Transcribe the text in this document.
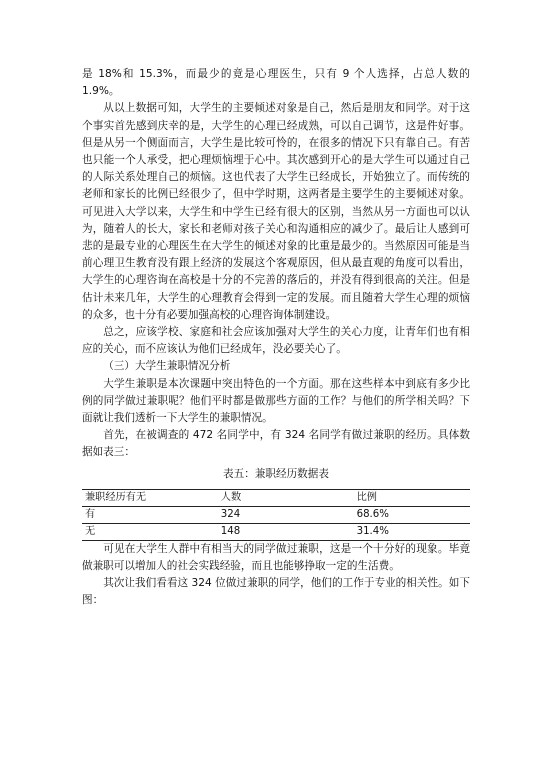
是 18%和 15.3%，而最少的竟是心理医生，只有 9 个人选择，占总人数的 1.9%。

从以上数据可知，大学生的主要倾述对象是自己，然后是朋友和同学。对于这个事实首先感到庆幸的是，大学生的心理已经成熟，可以自己调节，这是件好事。但是从另一个侧面而言，大学生是比较可怜的，在很多的情况下只有靠自己。有苦也只能一个人承受，把心理烦恼埋于心中。其次感到开心的是大学生可以通过自己的人际关系处理自己的烦恼。这也代表了大学生已经成长，开始独立了。而传统的老师和家长的比例已经很少了，但中学时期，这两者是主要学生的主要倾述对象。可见进入大学以来，大学生和中学生已经有很大的区别，当然从另一方面也可以认为，随着人的长大，家长和老师对孩子关心和沟通相应的减少了。最后让人感到可悲的是最专业的心理医生在大学生的倾述对象的比重是最少的。当然原因可能是当前心理卫生教育没有跟上经济的发展这个客观原因，但从最直观的角度可以看出，大学生的心理咨询在高校是十分的不完善的落后的，并没有得到很高的关注。但是估计未来几年，大学生的心理教育会得到一定的发展。而且随着大学生心理的烦恼的众多，也十分有必要加强高校的心理咨询体制建设。

总之，应该学校、家庭和社会应该加强对大学生的关心力度，让青年们也有相应的关心，而不应该认为他们已经成年，没必要关心了。

（三）大学生兼职情况分析

大学生兼职是本次课题中突出特色的一个方面。那在这些样本中到底有多少比例的同学做过兼职呢？他们平时都是做那些方面的工作？与他们的所学相关吗？下面就让我们透析一下大学生的兼职情况。

首先，在被调查的 472 名同学中，有 324 名同学有做过兼职的经历。具体数据如表三：

表五：兼职经历数据表
兼职经历有无	人数	比例
有	324	68.6%
无	148	31.4%

可见在大学生人群中有相当大的同学做过兼职，这是一个十分好的现象。毕竟做兼职可以增加人的社会实践经验，而且也能够挣取一定的生活费。

其次让我们看看这 324 位做过兼职的同学，他们的工作于专业的相关性。如下图：
